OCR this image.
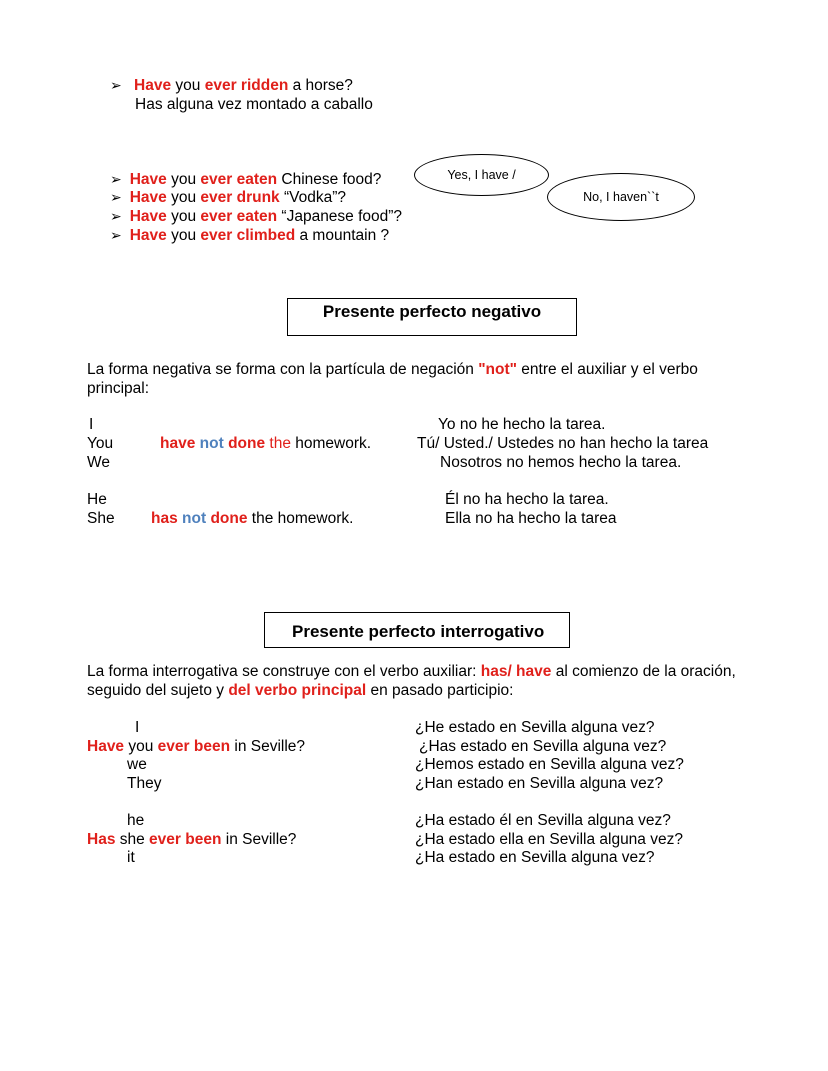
➢ Have you ever ridden a horse?
Has alguna vez montado a caballo
➢ Have you ever eaten Chinese food?
➢ Have you ever drunk “Vodka”?
➢ Have you ever eaten “Japanese food”?
➢ Have you ever climbed a mountain ?
Yes, I have /
No, I haven``t
Presente perfecto negativo
La forma negativa se forma con la partícula de negación "not" entre el auxiliar y el verbo principal:
I
You
We
have not done the homework.
Yo no he hecho la tarea.
Tú/ Usted./ Ustedes no han hecho la tarea
Nosotros no hemos hecho la tarea.
He
She has not done the homework.
Él no ha hecho la tarea.
Ella no ha hecho la tarea
Presente perfecto interrogativo
La forma interrogativa se construye con el verbo auxiliar: has/ have al comienzo de la oración, seguido del sujeto y del verbo principal en pasado participio:
I
Have you ever been in Seville?
we
They
¿He estado en Sevilla alguna vez?
¿Has estado en Sevilla alguna vez?
¿Hemos estado en Sevilla alguna vez?
¿Han estado en Sevilla alguna vez?
he
Has she ever been in Seville?
it
¿Ha estado él en Sevilla alguna vez?
¿Ha estado ella en Sevilla alguna vez?
¿Ha estado en Sevilla alguna vez?
